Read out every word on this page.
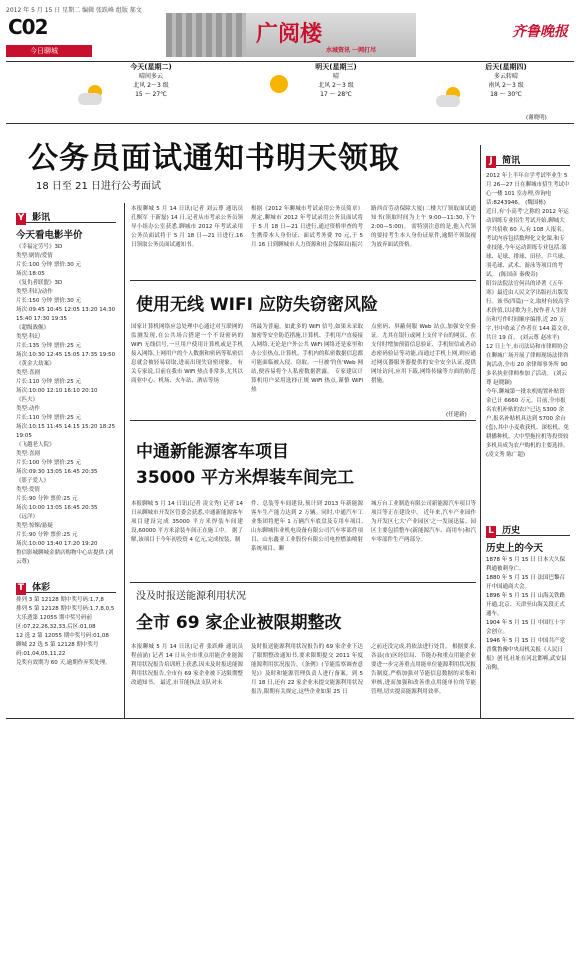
2012 年 5 月 15 日 星期二 编辑 张跃峰 组版 郝文
C02
今日聊城
广阅楼
水城资讯 一网打尽
齐鲁晚报
今天(星期二)
晴间多云
北风 2～3 级
15 ～ 27℃
明天(星期三)
晴
北风 2～3 级
17 ～ 28℃
后天(星期四)
多云转晴
南风 2～3 级
18 ～ 30℃
(谢晓明)
公务员面试通知书明天领取
18 日至 21 日进行公考面试
Y 影讯
今天看电影半价
《幸福定劳号》3D
类型:剧情/爱情
片长:100 分钟 票价:30 元
场次:18:05
《复仇者联盟》3D
类型:科幻/动作
片长:150 分钟 票价:30 元
场次:09:45 10:45 12:05 13:20 14:30 15:40 17:30 19:35
《超级战舰》
类型:科幻
片长:135 分钟 票价:25 元
场次:10:30 12:45 15:05 17:35 19:50
《黄金大劫案》
类型:喜剧
片长:110 分钟 票价:25 元
场次:10:00 12:10 16:10 20:10
《匹夫》
类型:动作
片长:110 分钟 票价:25 元
场次:10:15 11:45 14:15 15:20 18:25 19:05
《飞越老人院》
类型:喜剧
片长:100 分钟 票价:25 元
场次:09:30 13:05 16:45 20:35
《影子爱人》
类型:爱情
片长:90 分钟 票价:25 元
场次:10:00 13:05 16:45 20:35
《远洋》
类型:惊悚/悬疑
片长:90 分钟 票价:25 元
场次:10:00 13:40 17:20 19:20
鲁信影城聊城金鼎店购物中心店提供 (刘云尊)
T 体彩
排列 3 第 12128 期中奖号码:1,7,8
排列 5 第 12128 期中奖号码:1,7,8,0,5
大乐透第 12055 期中奖号码前区:07,22,26,32,33,后区:01,08
12 选 2 第 12055 期中奖号码:01,08
聊城 22 选 5 第 12128 期中奖号码:01,04,05,11,22
兑奖有效期为 60 天,逾期作弃奖处理。
本报聊城 5 月 14 日讯(记者 刘云尊 通讯员 孔衡军 于新磊) 14 日,记者从市考录公务员领导小组办公室获悉,聊城市 2012 年考试录用公务员面试将于 5 月 18 日—21 日进行,16 日领取公务员面试通知书。
根据《2012 年聊城市考试录用公务员简章》规定,聊城市 2012 年考试录用公务员面试将于 5 月 18 日—21 日进行,通过资格审查的考生携带本人身份证、面试考务费 70 元,于 5 月 16 日到聊城市人力资源和社会保障局(振兴
路西首劳动保障大厦)二楼大厅领取面试通知书(领取时间为上午 9:00—11:30,下午 2:00—5:00)。 需特别注意的是,他人代领的要持考生本人身份证原件,逾期不领取视为放弃面试资格。
使用无线 WIFI 应防失窃密风险
国家计算机网络应急处理中心通过对互联网的监测发现,在公共场合搭建一个不设密码的 WiFi 无线信号,一旦用户使用计算机或是手机接入网络,上网用户的个人数据和密码等私密信息就会被轻易窃取,进而出现失窃密现象。 有关专家说,目前在我市 WiFi 热点非常多,尤其以商业中心、机场、火车站、酒店等场
所最为普遍。如此多的 WiFi 信号,如果未采取加密等安全防范措施,计算机、手机用户直接接入网络,无论是户外公共 WiFi 网络还是家里和办公室热点,计算机、手机内的私密数据信息都可能面临被入侵、窃取。一旦被'钓鱼'Web 网站,便容易将个人私密数据泄露。 专家建议计算机用户采用选择正规 WiFi 热点,谨慎 WiFi 热
点密码、屏蔽伺服 Web 站点,加强安全验证。尤其在银行或网上支付平台的网页、在支付时增加预留信息验证、手机短信或者动态密码验证等功能,而通过手机上网,则应通过网页器服务器提供的安全安全认证,提供网址访问,应用下载,网络传输等方面的防范措施。
(任建新)
中通新能源客车项目
35000 平方米焊装车间完工
本报聊城 5 月 14 日讯(记者 凌文秀) 记者 14 日从聊城市开发区管委会获悉,中通新能源客车项目建设完成 35000 平方米焊装车间建设,60000 平方米涂装车间正在施工中。 据了解,该项目于今年初投资 4 亿元,完成按装、制
件、总装等车间建设,预计到 2013 年新能源客车生产能力达到 2 万辆。同时,中通汽车工业集团将把年 1 万辆汽车底盘及专用车项目,山东聊城伟业机电设备有限公司汽车零部件项目、山东鑫亚工业股份有限公司电控燃油喷射系统项目、聊
城万台工业制造有限公司新能源汽车项目等项目等正在建设中。 近年来,汽车产业园作为开发区七大'产业园区'之一发展迅猛。园区主要包括整车(新能源汽车、商用车)和汽车零部件生产两部分。
没及时报送能源利用状况
全市 69 家企业被限期整改
本报聊城 5 月 14 日讯(记者 张跃峰 通讯员 程前涌) 记者 14 日从全市重点用能企业能源利用状况报告培训班上获悉,因未及时报送能源利用状况报告,全市有 69 家企业被下达限期整改通知书。 最近,市节能执法支队对未
及时报送能源利用状况报告的 69 家企业下达了限期整改通知书,要求限期提交 2011 年度能源利用状况报告。《条例》(节能监察调查意见)》及时和能源管理负责人进行备案。到 5 月 18 日,还有 22 家企业未提交能源利用状况报告,限期有关规定,这些企业如果 25 日
之前还没完成,将依法进行处罚。 根据要求,各县(市)区经信局、节能办和重点用能企业要进一步完善重点用能单位能源利用状况报告制度,严格加强对节能信息数据的采集和审核,进而加强和改善重点用能单位的节能管理,切实提高能源利用效率。
J 简讯
2012 年上半年自学考试毕业生 5 月 26—27 日在聊城市招生考试中心一楼 101 室办理,咨询电话:8243946。 (魏国栋)
近日,有'小高考'之称的 2012 年运动训练专业招生考试开始,聊城大学共招收 60 人,有 108 人报名。考试内容包括数理化文化课,和专业技能,今年运动训练专业包括:篮球、足球、排球、田径、乒乓球、羽毛球、武术、游泳等项目的考试。 (陈国彦 秦俊奇)
阳谷法院法官何昌的译著《五年寒》最近由人民文学出版社出版发行。该书(四篇)一文,取材有较高学术价值,以诗歌为主,按作者人生经历和写作时间顺序编排,近 20 万字,书中收录了作者在 144 篇文章,共计 19 首。 (刘云尊 赵冰平)
12 日上午,市司法局和市律师协会在聊城广场开展了律师现场法律咨询活动,全市 20 余律师事务所 90 多名执业律师参加了活动。 (刘云尊 赵晓颖)
今年,聊城第一批农机购置补贴资金已计 6660 万元。目前,全市报名农机补贴的农户已达 5300 余户,报名补贴机具达到 5700 余台(套),其中小麦收获机、深松机、免耕播种机、大中型拖拉机等投资较多机具成为农户购机的主要选择。 (凌文秀 陈广超)
L 历史
历史上的今天
1878 年 5 月 15 日 日本大久保利通被刺身亡。
1880 年 5 月 15 日 法国巴黎召开中国通商大会。
1896 年 5 月 15 日 山海关铁路开通,北京、天津至山海关段正式通车。
1904 年 5 月 15 日 中国红十字会创立。
1946 年 5 月 15 日 中国共产党晋冀鲁豫中央局机关报《人民日报》创刊,社址在河北邯郸,武安县冶陶。
